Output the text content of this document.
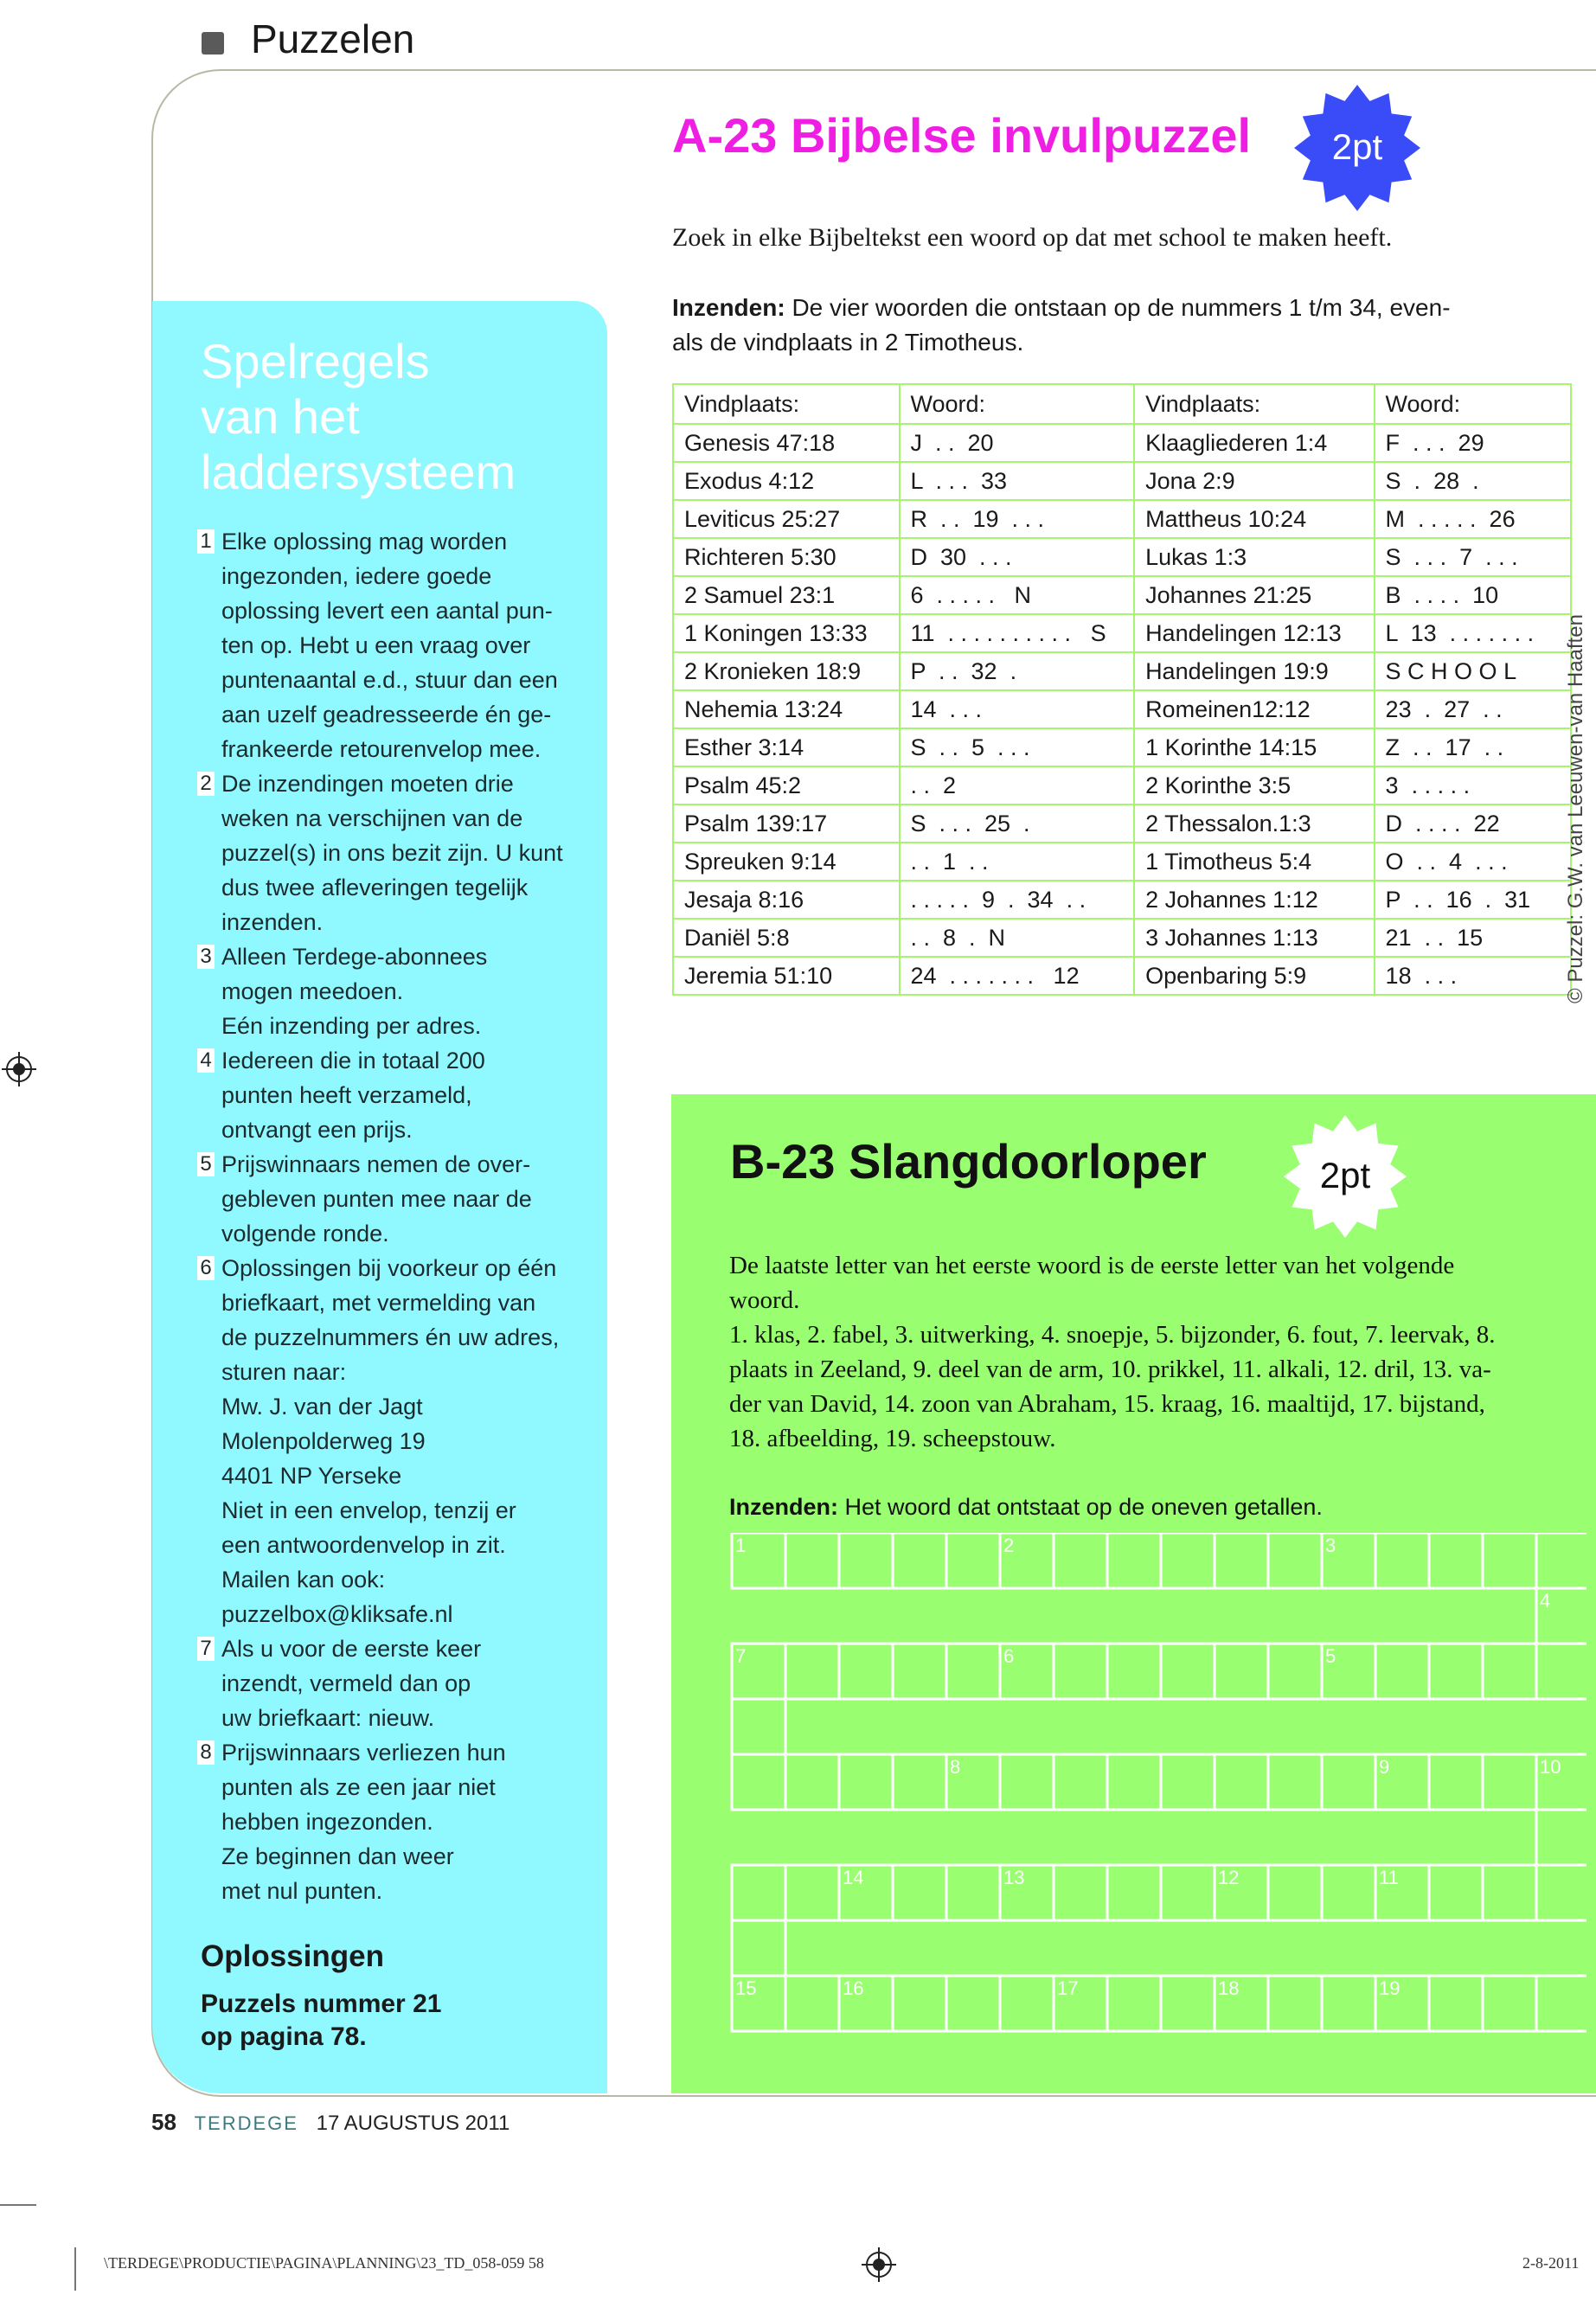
Puzzelen
Spelregels
van het
laddersysteem
1 Elke oplossing mag worden
ingezonden, iedere goede
oplossing levert een aantal pun-
ten op. Hebt u een vraag over
puntenaantal e.d., stuur dan een
aan uzelf geadresseerde én ge-
frankeerde retourenvelop mee.
2 De inzendingen moeten drie
weken na verschijnen van de
puzzel(s) in ons bezit zijn. U kunt
dus twee afleveringen tegelijk
inzenden.
3 Alleen Terdege-abonnees
mogen meedoen.
Eén inzending per adres.
4 Iedereen die in totaal 200
punten heeft verzameld,
ontvangt een prijs.
5 Prijswinnaars nemen de over-
gebleven punten mee naar de
volgende ronde.
6 Oplossingen bij voorkeur op één
briefkaart, met vermelding van
de puzzelnummers én uw adres,
sturen naar:
Mw. J. van der Jagt
Molenpolderweg 19
4401 NP Yerseke
Niet in een envelop, tenzij er
een antwoordenvelop in zit.
Mailen kan ook:
puzzelbox@kliksafe.nl
7 Als u voor de eerste keer
inzendt, vermeld dan op
uw briefkaart: nieuw.
8 Prijswinnaars verliezen hun
punten als ze een jaar niet
hebben ingezonden.
Ze beginnen dan weer
met nul punten.
Oplossingen
Puzzels nummer 21
op pagina 78.
A-23 Bijbelse invulpuzzel 2pt
Zoek in elke Bijbeltekst een woord op dat met school te maken heeft.
Inzenden: De vier woorden die ontstaan op de nummers 1 t/m 34, even-
als de vindplaats in 2 Timotheus.
Vindplaats:	Woord:	Vindplaats:	Woord:
Genesis 47:18	J  . .  20	Klaagliederen 1:4	F  . . .  29
Exodus 4:12	L  . . .  33	Jona 2:9	S  .  28  .
Leviticus 25:27	R  . .  19  . . .	Mattheus 10:24	M  . . . . .  26
Richteren 5:30	D  30  . . .	Lukas 1:3	S  . . .  7  . . .
2 Samuel 23:1	6  . . . . .   N	Johannes 21:25	B  . . . .  10
1 Koningen 13:33	11  . . . . . . . . . .   S	Handelingen 12:13	L  13  . . . . . . .
2 Kronieken 18:9	P  . .  32  .	Handelingen 19:9	S C H O O L
Nehemia 13:24	14  . . .	Romeinen12:12	23  .  27  . .
Esther 3:14	S  . .  5  . . .	1 Korinthe 14:15	Z  . .  17  . .
Psalm 45:2	. .  2	2 Korinthe 3:5	3  . . . . .
Psalm 139:17	S  . . .  25  .	2 Thessalon.1:3	D  . . . .  22
Spreuken 9:14	. .  1  . .	1 Timotheus 5:4	O  . .  4  . . .
Jesaja 8:16	. . . . .  9  .  34  . .	2 Johannes 1:12	P  . .  16  .  31
Daniël 5:8	. .  8  .  N	3 Johannes 1:13	21  . .  15
Jeremia 51:10	24  . . . . . . .   12	Openbaring 5:9	18  . . .	© Puzzel: G.W. van Leeuwen-van Haaften
B-23 Slangdoorloper	2pt
De laatste letter van het eerste woord is de eerste letter van het volgende
woord.
1. klas, 2. fabel, 3. uitwerking, 4. snoepje, 5. bijzonder, 6. fout, 7. leervak, 8.
plaats in Zeeland, 9. deel van de arm, 10. prikkel, 11. alkali, 12. dril, 13. va-
der van David, 14. zoon van Abraham, 15. kraag, 16. maaltijd, 17. bijstand,
18. afbeelding, 19. scheepstouw.
Inzenden: Het woord dat ontstaat op de oneven getallen.
1	2	3
4
5
6
7
8	9	10
11
12
13
14
15	16	17	18	19
58 TERDEGE 17 AUGUSTUS 2011
\TERDEGE\PRODUCTIE\PAGINA\PLANNING\23_TD_058-059 58	2-8-2011
